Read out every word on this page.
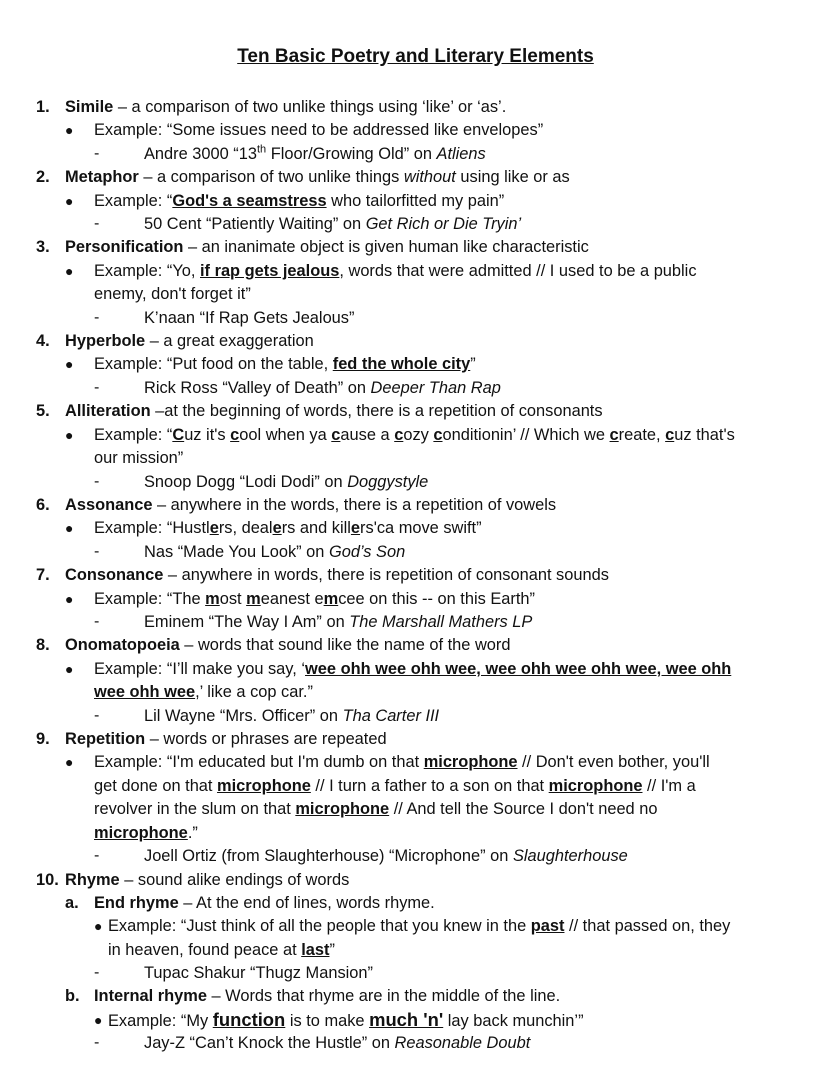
Ten Basic Poetry and Literary Elements
1. Simile – a comparison of two unlike things using ‘like’ or ‘as’.
● Example: “Some issues need to be addressed like envelopes”
-	Andre 3000 “13th Floor/Growing Old” on Atliens
2. Metaphor – a comparison of two unlike things without using like or as
● Example: “God's a seamstress who tailorfitted my pain”
-	50 Cent “Patiently Waiting” on Get Rich or Die Tryin’
3. Personification – an inanimate object is given human like characteristic
● Example: “Yo, if rap gets jealous, words that were admitted // I used to be a public
enemy, don't forget it”
-	K’naan “If Rap Gets Jealous”
4. Hyperbole – a great exaggeration
● Example: “Put food on the table, fed the whole city”
-	Rick Ross “Valley of Death” on Deeper Than Rap
5. Alliteration –at the beginning of words, there is a repetition of consonants
● Example: “Cuz it's cool when ya cause a cozy conditionin’ // Which we create, cuz that's
our mission”
-	Snoop Dogg “Lodi Dodi” on Doggystyle
6. Assonance – anywhere in the words, there is a repetition of vowels
● Example: “Hustlers, dealers and killers'ca move swift”
-	Nas “Made You Look” on God’s Son
7. Consonance – anywhere in words, there is repetition of consonant sounds
● Example: “The most meanest emcee on this -- on this Earth”
-	Eminem “The Way I Am” on The Marshall Mathers LP
8. Onomatopoeia – words that sound like the name of the word
● Example: “I’ll make you say, ‘wee ohh wee ohh wee, wee ohh wee ohh wee, wee ohh
wee ohh wee,’ like a cop car.”
-	Lil Wayne “Mrs. Officer” on Tha Carter III
9. Repetition – words or phrases are repeated
● Example: “I'm educated but I'm dumb on that microphone // Don't even bother, you'll
get done on that microphone // I turn a father to a son on that microphone // I'm a
revolver in the slum on that microphone // And tell the Source I don't need no
microphone.”
-	Joell Ortiz (from Slaughterhouse) “Microphone” on Slaughterhouse
10. Rhyme – sound alike endings of words
a. End rhyme – At the end of lines, words rhyme.
● Example: “Just think of all the people that you knew in the past // that passed on, they
in heaven, found peace at last”
-	Tupac Shakur “Thugz Mansion”
b. Internal rhyme – Words that rhyme are in the middle of the line.
● Example: “My function is to make much 'n' lay back munchin’”
-	Jay-Z “Can’t Knock the Hustle” on Reasonable Doubt
